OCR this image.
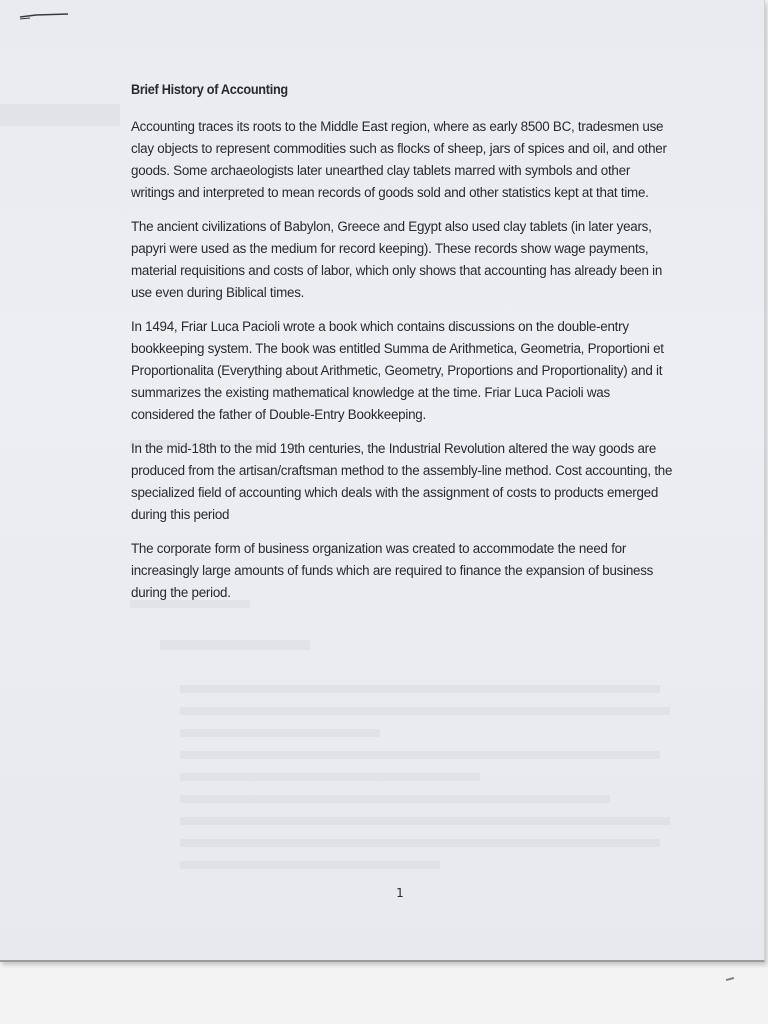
Brief History of Accounting

Accounting traces its roots to the Middle East region, where as early 8500 BC, tradesmen use clay objects to represent commodities such as flocks of sheep, jars of spices and oil, and other goods. Some archaeologists later unearthed clay tablets marred with symbols and other writings and interpreted to mean records of goods sold and other statistics kept at that time.

The ancient civilizations of Babylon, Greece and Egypt also used clay tablets (in later years, papyri were used as the medium for record keeping). These records show wage payments, material requisitions and costs of labor, which only shows that accounting has already been in use even during Biblical times.

In 1494, Friar Luca Pacioli wrote a book which contains discussions on the double-entry bookkeeping system. The book was entitled Summa de Arithmetica, Geometria, Proportioni et Proportionalita (Everything about Arithmetic, Geometry, Proportions and Proportionality) and it summarizes the existing mathematical knowledge at the time. Friar Luca Pacioli was considered the father of Double-Entry Bookkeeping.

In the mid-18th to the mid 19th centuries, the Industrial Revolution altered the way goods are produced from the artisan/craftsman method to the assembly-line method. Cost accounting, the specialized field of accounting which deals with the assignment of costs to products emerged during this period

The corporate form of business organization was created to accommodate the need for increasingly large amounts of funds which are required to finance the expansion of business during the period.

1
